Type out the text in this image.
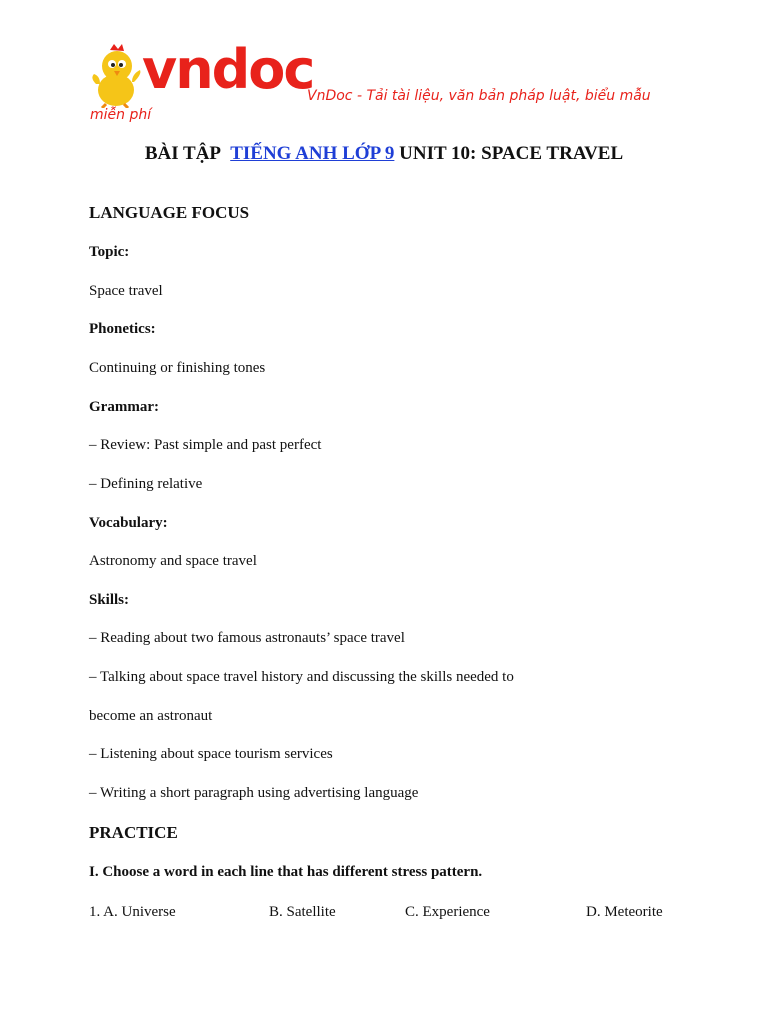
vndoc
VnDoc - Tải tài liệu, văn bản pháp luật, biểu mẫu
miễn phí
BÀI TẬP TIẾNG ANH LỚP 9 UNIT 10: SPACE TRAVEL
LANGUAGE FOCUS
Topic:
Space travel
Phonetics:
Continuing or finishing tones
Grammar:
– Review: Past simple and past perfect
– Defining relative
Vocabulary:
Astronomy and space travel
Skills:
– Reading about two famous astronauts’ space travel
– Talking about space travel history and discussing the skills needed to
become an astronaut
– Listening about space tourism services
– Writing a short paragraph using advertising language
PRACTICE
I. Choose a word in each line that has different stress pattern.
1. A. Universe	B. Satellite	C. Experience	D. Meteorite
